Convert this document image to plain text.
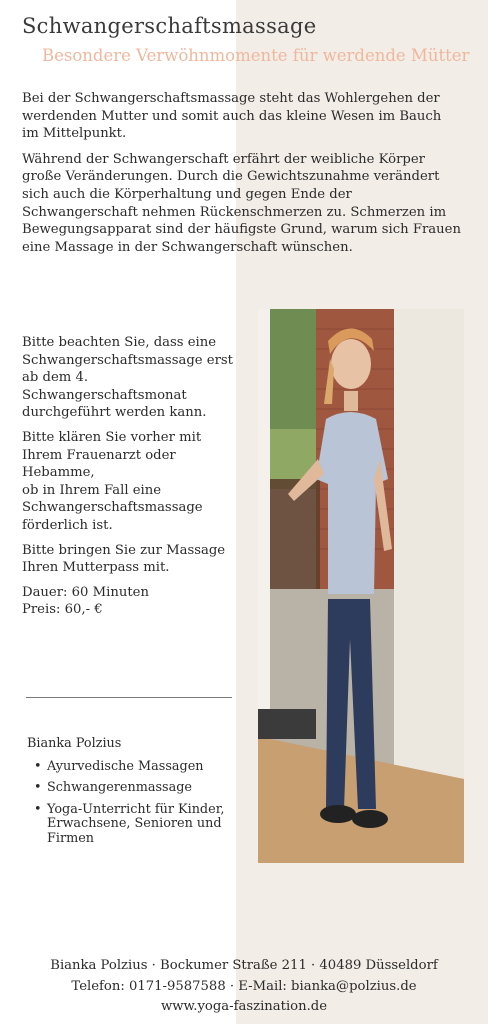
Schwangerschaftsmassage
Besondere Verwöhnmomente für werdende Mütter

Bei der Schwangerschaftsmassage steht das Wohlergehen der werdenden Mutter und somit auch das kleine Wesen im Bauch im Mittelpunkt.

Während der Schwangerschaft erfährt der weibliche Körper große Veränderungen. Durch die Gewichtszunahme verändert sich auch die Körperhaltung und gegen Ende der Schwangerschaft nehmen Rückenschmerzen zu. Schmerzen im Bewegungsapparat sind der häufigste Grund, warum sich Frauen eine Massage in der Schwangerschaft wünschen.

Bitte beachten Sie, dass eine Schwangerschaftsmassage erst ab dem 4. Schwangerschaftsmonat durchgeführt werden kann.

Bitte klären Sie vorher mit Ihrem Frauenarzt oder Hebamme,
ob in Ihrem Fall eine Schwangerschaftsmassage förderlich ist.

Bitte bringen Sie zur Massage Ihren Mutterpass mit.

Dauer: 60 Minuten
Preis: 60,- €
Bianka Polzius
• Ayurvedische Massagen
• Schwangerenmassage
• Yoga-Unterricht für Kinder, Erwachsene, Senioren und Firmen
Bianka Polzius · Bockumer Straße 211 · 40489 Düsseldorf
Telefon: 0171-9587588 · E-Mail: bianka@polzius.de
www.yoga-faszination.de
